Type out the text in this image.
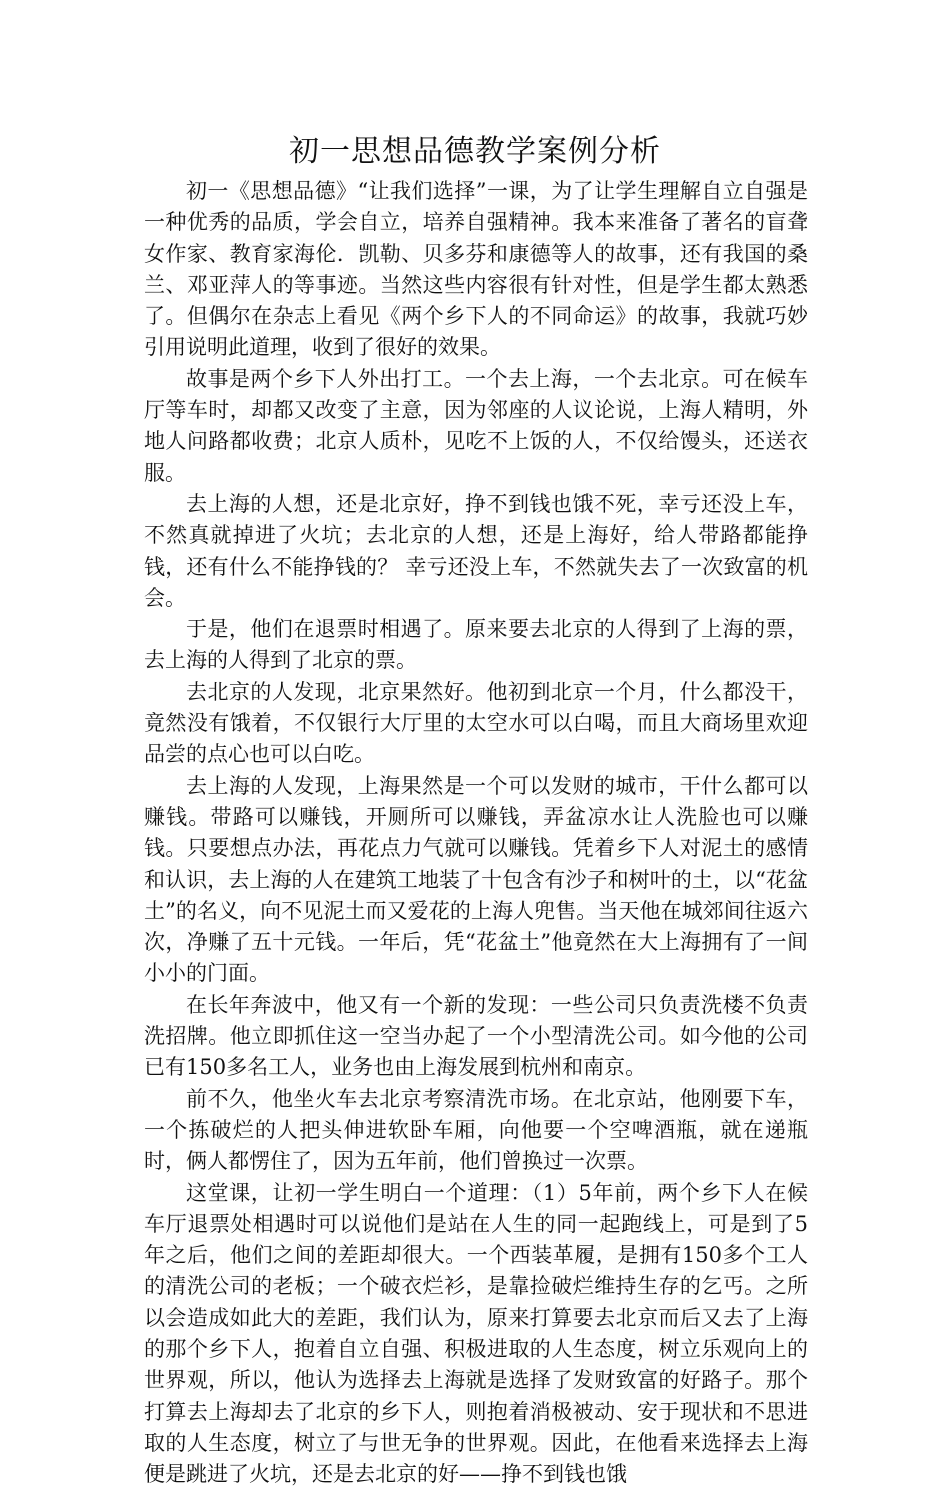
初一思想品德教学案例分析

初一《思想品德》“让我们选择”一课，为了让学生理解自立自强是一种优秀的品质，学会自立，培养自强精神。我本来准备了著名的盲聋女作家、教育家海伦．凯勒、贝多芬和康德等人的故事，还有我国的桑兰、邓亚萍人的等事迹。当然这些内容很有针对性，但是学生都太熟悉了。但偶尔在杂志上看见《两个乡下人的不同命运》的故事，我就巧妙引用说明此道理，收到了很好的效果。

故事是两个乡下人外出打工。一个去上海，一个去北京。可在候车厅等车时，却都又改变了主意，因为邻座的人议论说，上海人精明，外地人问路都收费；北京人质朴，见吃不上饭的人，不仅给馒头，还送衣服。

去上海的人想，还是北京好，挣不到钱也饿不死，幸亏还没上车，不然真就掉进了火坑；去北京的人想，还是上海好，给人带路都能挣钱，还有什么不能挣钱的？ 幸亏还没上车，不然就失去了一次致富的机会。

于是，他们在退票时相遇了。原来要去北京的人得到了上海的票，去上海的人得到了北京的票。

去北京的人发现，北京果然好。他初到北京一个月，什么都没干，竟然没有饿着，不仅银行大厅里的太空水可以白喝，而且大商场里欢迎品尝的点心也可以白吃。

去上海的人发现，上海果然是一个可以发财的城市，干什么都可以赚钱。带路可以赚钱，开厕所可以赚钱，弄盆凉水让人洗脸也可以赚钱。只要想点办法，再花点力气就可以赚钱。凭着乡下人对泥土的感情和认识，去上海的人在建筑工地装了十包含有沙子和树叶的土，以“花盆土”的名义，向不见泥土而又爱花的上海人兜售。当天他在城郊间往返六次，净赚了五十元钱。一年后，凭“花盆土”他竟然在大上海拥有了一间小小的门面。

在长年奔波中，他又有一个新的发现：一些公司只负责洗楼不负责洗招牌。他立即抓住这一空当办起了一个小型清洗公司。如今他的公司已有150多名工人，业务也由上海发展到杭州和南京。

前不久，他坐火车去北京考察清洗市场。在北京站，他刚要下车，一个拣破烂的人把头伸进软卧车厢，向他要一个空啤酒瓶，就在递瓶时，俩人都愣住了，因为五年前，他们曾换过一次票。

这堂课，让初一学生明白一个道理：（1）5年前，两个乡下人在候车厅退票处相遇时可以说他们是站在人生的同一起跑线上，可是到了5年之后，他们之间的差距却很大。一个西装革履，是拥有150多个工人的清洗公司的老板；一个破衣烂衫，是靠捡破烂维持生存的乞丐。之所以会造成如此大的差距，我们认为，原来打算要去北京而后又去了上海的那个乡下人，抱着自立自强、积极进取的人生态度，树立乐观向上的世界观，所以，他认为选择去上海就是选择了发财致富的好路子。那个打算去上海却去了北京的乡下人，则抱着消极被动、安于现状和不思进取的人生态度，树立了与世无争的世界观。因此，在他看来选择去上海便是跳进了火坑，还是去北京的好——挣不到钱也饿
